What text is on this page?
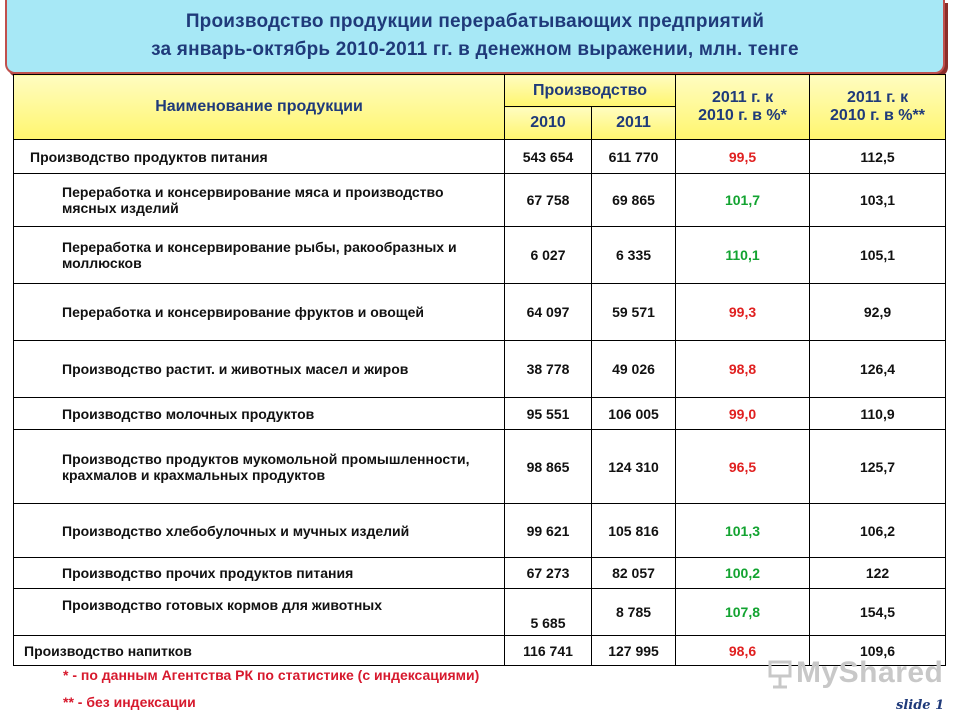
Производство продукции перерабатывающих предприятий
за январь-октябрь 2010-2011 гг. в денежном выражении, млн. тенге
Наименование продукции	Производство		2011 г. к 2010 г. в %*	2011 г. к 2010 г. в %**
	2010	2011		
Производство продуктов питания	543 654	611 770	99,5	112,5
Переработка и консервирование мяса и производство мясных изделий	67 758	69 865	101,7	103,1
Переработка и консервирование рыбы, ракообразных и моллюсков	6 027	6 335	110,1	105,1
Переработка и консервирование фруктов и овощей	64 097	59 571	99,3	92,9
Производство растит. и животных масел и жиров	38 778	49 026	98,8	126,4
Производство молочных продуктов	95 551	106 005	99,0	110,9
Производство продуктов мукомольной промышленности, крахмалов и крахмальных продуктов	98 865	124 310	96,5	125,7
Производство хлебобулочных и мучных изделий	99 621	105 816	101,3	106,2
Производство прочих продуктов питания	67 273	82 057	100,2	122
Производство готовых кормов для животных	5 685	8 785	107,8	154,5
Производство напитков	116 741	127 995	98,6	109,6
* - по данным Агентства РК по статистике (с индексациями)
** - без индексации
MyShared
slide 1
